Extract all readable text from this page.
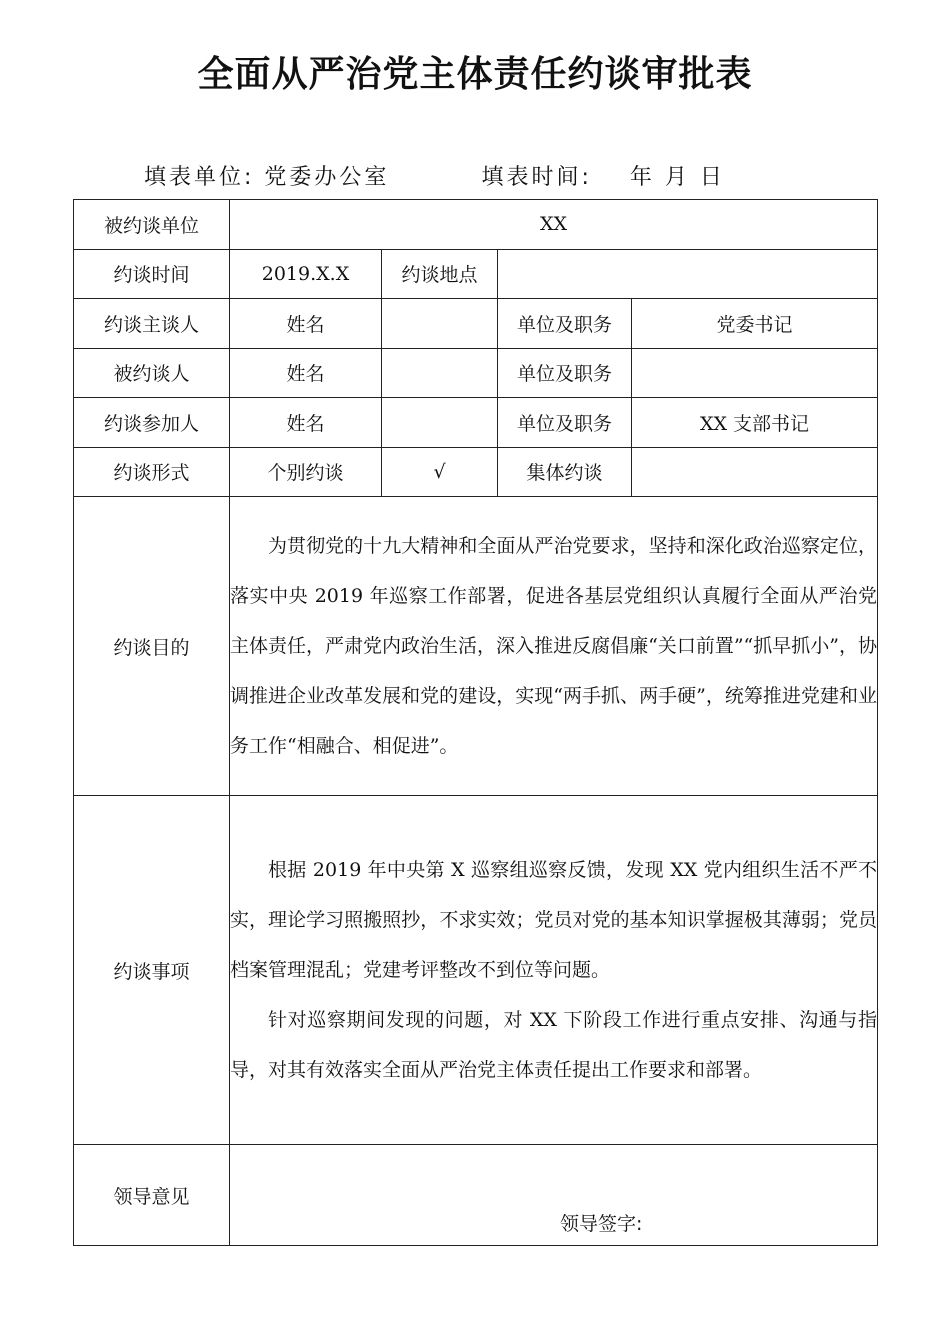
全面从严治党主体责任约谈审批表
填表单位: 党委办公室	填表时间: 年 月 日
被约谈单位	XX			
约谈时间	2019.X.X	约谈地点		
约谈主谈人	姓名		单位及职务	党委书记
被约谈人	姓名		单位及职务	
约谈参加人	姓名		单位及职务	XX 支部书记
约谈形式	个别约谈	√	集体约谈	
约谈目的	为贯彻党的十九大精神和全面从严治党要求，坚持和深化政治巡察定位，落实中央 2019 年巡察工作部署，促进各基层党组织认真履行全面从严治党主体责任，严肃党内政治生活，深入推进反腐倡廉“关口前置”“抓早抓小”，协调推进企业改革发展和党的建设，实现“两手抓、两手硬”，统筹推进党建和业务工作“相融合、相促进”。			

约谈事项	根据 2019 年中央第 X 巡察组巡察反馈，发现 XX 党内组织生活不严不实，理论学习照搬照抄，不求实效；党员对党的基本知识掌握极其薄弱；党员档案管理混乱；党建考评整改不到位等问题。

针对巡察期间发现的问题，对 XX 下阶段工作进行重点安排、沟通与指导，对其有效落实全面从严治党主体责任提出工作要求和部署。			

领导意见	领导签字:			
